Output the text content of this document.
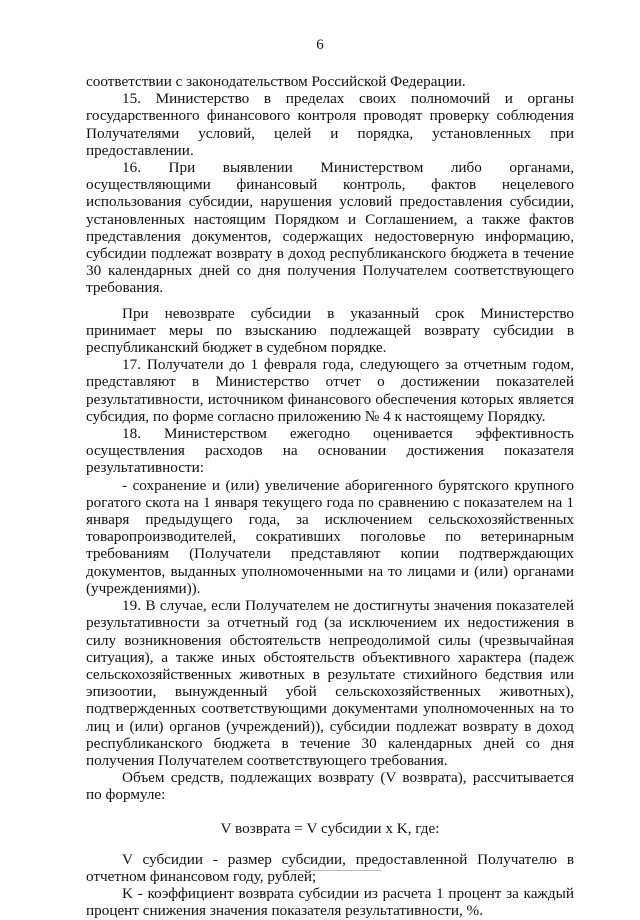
6

соответствии с законодательством Российской Федерации.

15. Министерство в пределах своих полномочий и органы государственного финансового контроля проводят проверку соблюдения Получателями условий, целей и порядка, установленных при предоставлении.

16. При выявлении Министерством либо органами, осуществляющими финансовый контроль, фактов нецелевого использования субсидии, нарушения условий предоставления субсидии, установленных настоящим Порядком и Соглашением, а также фактов представления документов, содержащих недостоверную информацию, субсидии подлежат возврату в доход республиканского бюджета в течение 30 календарных дней со дня получения Получателем соответствующего требования.

При невозврате субсидии в указанный срок Министерство принимает меры по взысканию подлежащей возврату субсидии в республиканский бюджет в судебном порядке.

17. Получатели до 1 февраля года, следующего за отчетным годом, представляют в Министерство отчет о достижении показателей результативности, источником финансового обеспечения которых является субсидия, по форме согласно приложению № 4 к настоящему Порядку.

18. Министерством ежегодно оценивается эффективность осуществления расходов на основании достижения показателя результативности:

- сохранение и (или) увеличение аборигенного бурятского крупного рогатого скота на 1 января текущего года по сравнению с показателем на 1 января предыдущего года, за исключением сельскохозяйственных товаропроизводителей, сокративших поголовье по ветеринарным требованиям (Получатели представляют копии подтверждающих документов, выданных уполномоченными на то лицами и (или) органами (учреждениями)).

19. В случае, если Получателем не достигнуты значения показателей результативности за отчетный год (за исключением их недостижения в силу возникновения обстоятельств непреодолимой силы (чрезвычайная ситуация), а также иных обстоятельств объективного характера (падеж сельскохозяйственных животных в результате стихийного бедствия или эпизоотии, вынужденный убой сельскохозяйственных животных), подтвержденных соответствующими документами уполномоченных на то лиц и (или) органов (учреждений)), субсидии подлежат возврату в доход республиканского бюджета в течение 30 календарных дней со дня получения Получателем соответствующего требования.

Объем средств, подлежащих возврату (V возврата), рассчитывается по формуле:

V возврата = V субсидии x K, где:

V субсидии - размер субсидии, предоставленной Получателю в отчетном финансовом году, рублей;

K - коэффициент возврата субсидии из расчета 1 процент за каждый процент снижения значения показателя результативности, %.
